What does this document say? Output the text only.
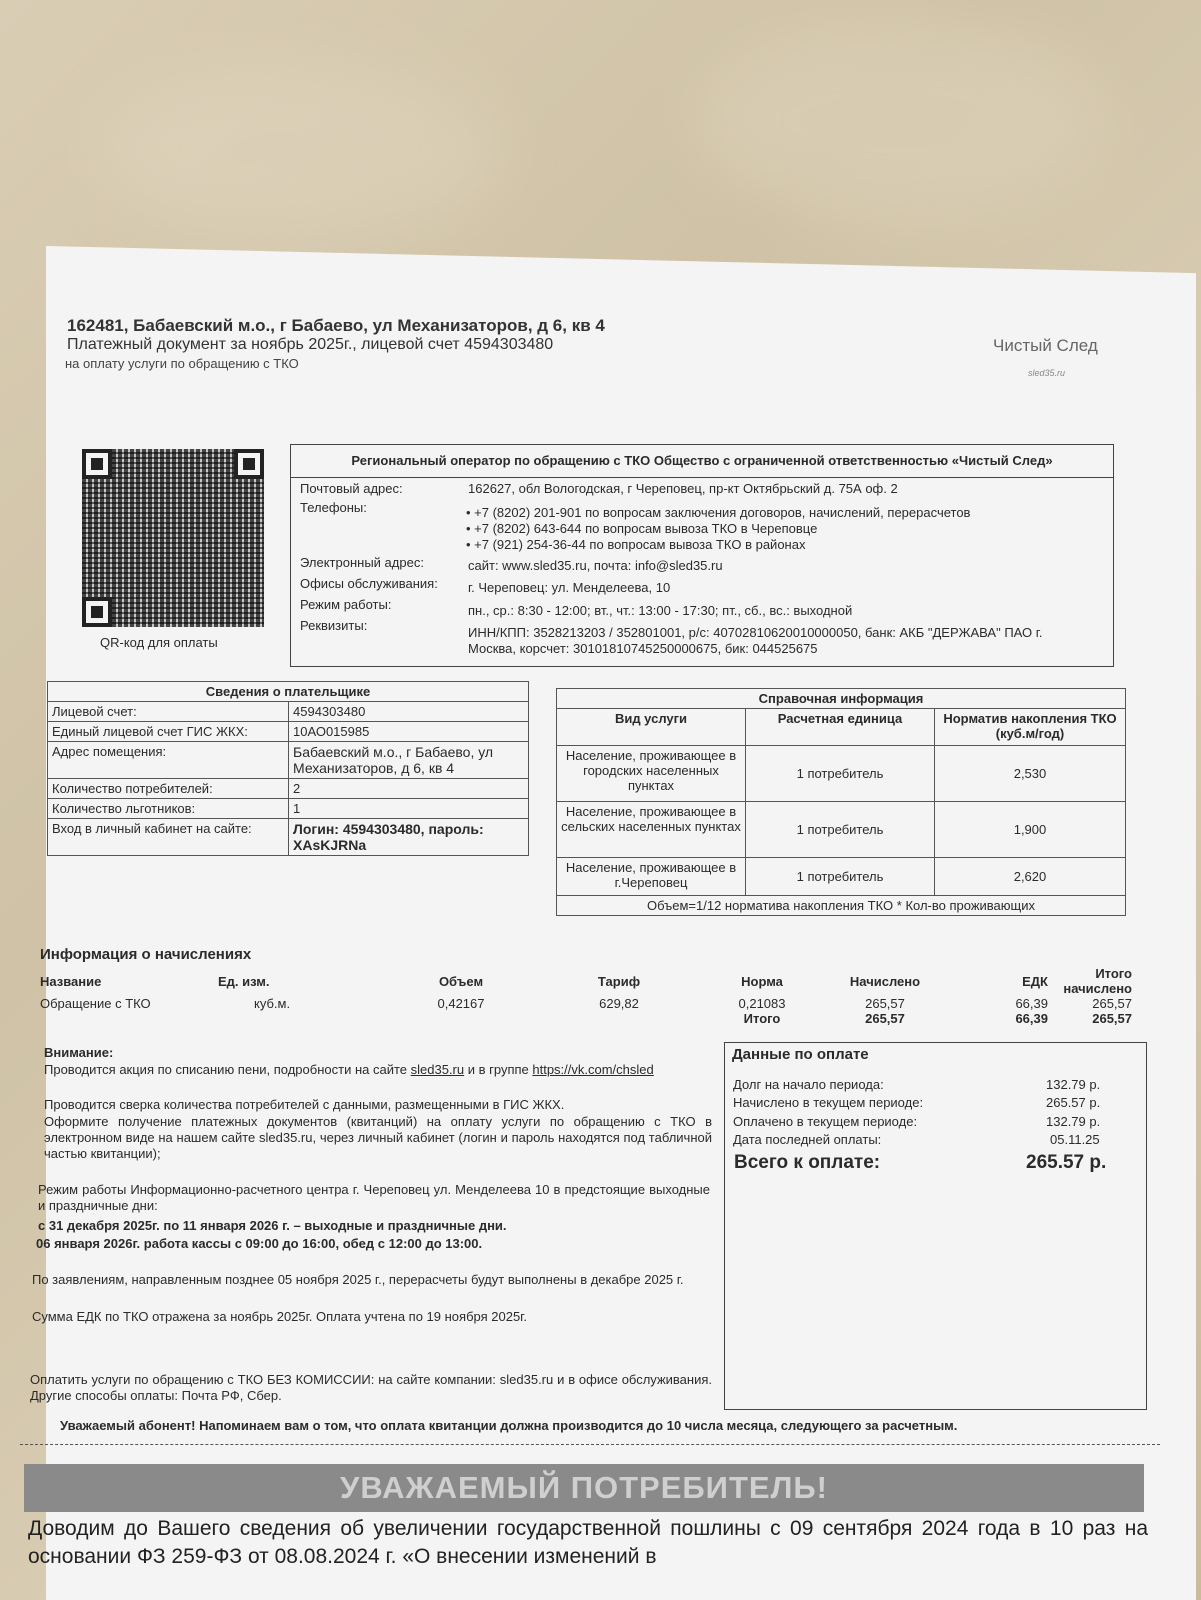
162481, Бабаевский м.о., г Бабаево, ул Механизаторов, д 6, кв 4
Платежный документ за ноябрь 2025г., лицевой счет 4594303480
на оплату услуги по обращению с ТКО
Чистый След
sled35.ru
QR-код для оплаты
Региональный оператор по обращению с ТКО Общество с ограниченной ответственностью «Чистый След»
Почтовый адрес:	162627, обл Вологодская, г Череповец, пр-кт Октябрьский д. 75А оф. 2
Телефоны:	• +7 (8202) 201-901 по вопросам заключения договоров, начислений, перерасчетов
• +7 (8202) 643-644 по вопросам вывоза ТКО в Череповце
• +7 (921) 254-36-44 по вопросам вывоза ТКО в районах
Электронный адрес:	сайт: www.sled35.ru, почта: info@sled35.ru
Офисы обслуживания: г. Череповец: ул. Менделеева, 10
Режим работы:	пн., ср.: 8:30 - 12:00; вт., чт.: 13:00 - 17:30; пт., сб., вс.: выходной
Реквизиты:	ИНН/КПП: 3528213203 / 352801001, р/с: 40702810620010000050, банк: АКБ "ДЕРЖАВА" ПАО г.
Москва, корсчет: 30101810745250000675, бик: 044525675
Сведения о плательщике	
Лицевой счет:	4594303480
Единый лицевой счет ГИС ЖКХ:	10АО015985
Адрес помещения:	Бабаевский м.о., г Бабаево, ул Механизаторов, д 6, кв 4
Количество потребителей:	2
Количество льготников:	1
Вход в личный кабинет на сайте:	Логин: 4594303480, пароль: XAsKJRNa
Справочная информация		
Вид услуги	Расчетная единица	Норматив накопления ТКО (куб.м/год)
Население, проживающее в городских населенных пунктах	1 потребитель	2,530
Население, проживающее в сельских населенных пунктах	1 потребитель	1,900
Население, проживающее в г.Череповец	1 потребитель	2,620
Объем=1/12 норматива накопления ТКО * Кол-во проживающих		
Информация о начислениях
Название	Ед. изм.	Объем	Тариф	Норма	Начислено	ЕДК	Итого начислено
Обращение с ТКО	куб.м.	0,42167	629,82	0,21083	265,57	66,39	265,57
				Итого	265,57	66,39	265,57
Внимание:
Проводится акция по списанию пени, подробности на сайте sled35.ru и в группе https://vk.com/chsled
Проводится сверка количества потребителей с данными, размещенными в ГИС ЖКХ.
Оформите получение платежных документов (квитанций) на оплату услуги по обращению с ТКО в электронном виде на нашем сайте sled35.ru, через личный кабинет (логин и пароль находятся под табличной частью квитанции);
Режим работы Информационно-расчетного центра г. Череповец ул. Менделеева 10 в предстоящие выходные и праздничные дни:
с 31 декабря 2025г. по 11 января 2026 г. – выходные и праздничные дни.
06 января 2026г. работа кассы с 09:00 до 16:00, обед с 12:00 до 13:00.
По заявлениям, направленным позднее 05 ноября 2025 г., перерасчеты будут выполнены в декабре 2025 г.
Сумма ЕДК по ТКО отражена за ноябрь 2025г. Оплата учтена по 19 ноября 2025г.
Оплатить услуги по обращению с ТКО БЕЗ КОМИССИИ: на сайте компании: sled35.ru и в офисе обслуживания. Другие способы оплаты: Почта РФ, Сбер.
Уважаемый абонент! Напоминаем вам о том, что оплата квитанции должна производится до 10 числа месяца, следующего за расчетным.
Данные по оплате
Долг на начало периода:	132.79 р.
Начислено в текущем периоде:	265.57 р.
Оплачено в текущем периоде:	132.79 р.
Дата последней оплаты:	05.11.25
Всего к оплате:	265.57 р.
УВАЖАЕМЫЙ ПОТРЕБИТЕЛЬ!
Доводим до Вашего сведения об увеличении государственной пошлины с 09 сентября 2024 года в 10 раз на основании ФЗ 259-ФЗ от 08.08.2024 г. «О внесении изменений в
